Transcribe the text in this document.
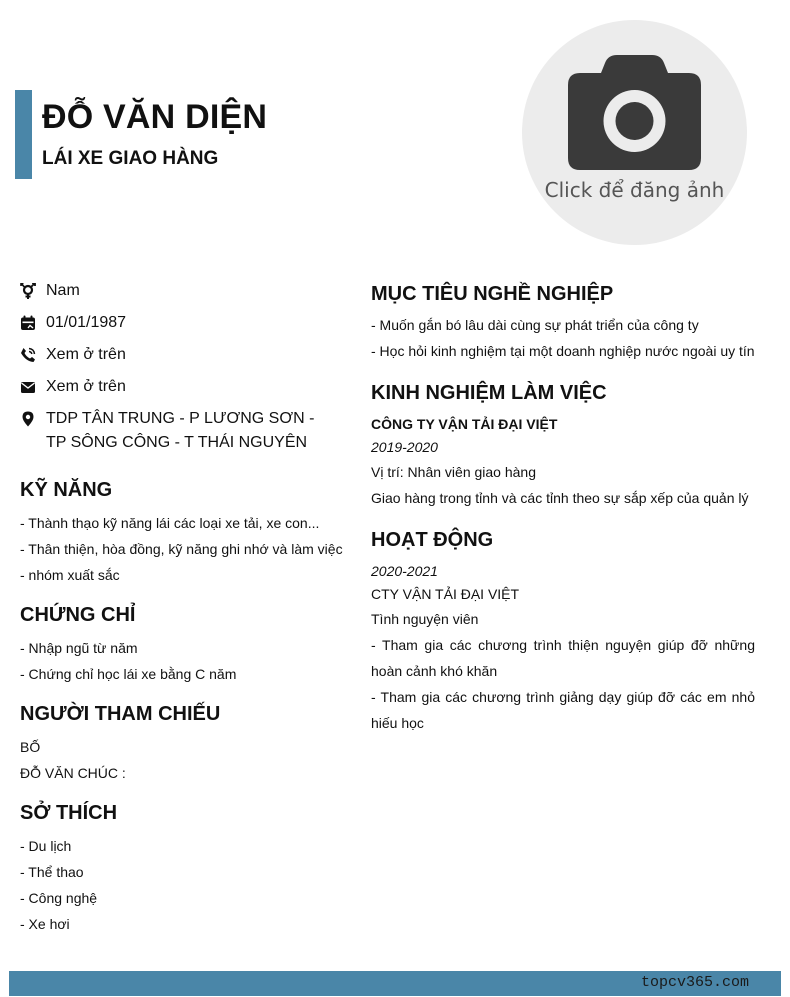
ĐỖ VĂN DIỆN
LÁI XE GIAO HÀNG
Click để đăng ảnh
Nam
01/01/1987
Xem ở trên
Xem ở trên
TDP TÂN TRUNG - P LƯƠNG SƠN - TP SÔNG CÔNG - T THÁI NGUYÊN
KỸ NĂNG
- Thành thạo kỹ năng lái các loại xe tải, xe con...
- Thân thiện, hòa đồng, kỹ năng ghi nhớ và làm việc
- nhóm xuất sắc
CHỨNG CHỈ
- Nhập ngũ từ năm
- Chứng chỉ học lái xe bằng C năm
NGƯỜI THAM CHIẾU
BỐ
ĐỖ VĂN CHÚC :
SỞ THÍCH
- Du lịch
- Thể thao
- Công nghệ
- Xe hơi
MỤC TIÊU NGHỀ NGHIỆP
- Muốn gắn bó lâu dài cùng sự phát triển của công ty
- Học hỏi kinh nghiệm tại một doanh nghiệp nước ngoài uy tín
KINH NGHIỆM LÀM VIỆC
CÔNG TY VẬN TẢI ĐẠI VIỆT
2019-2020
Vị trí: Nhân viên giao hàng
Giao hàng trong tỉnh và các tỉnh theo sự sắp xếp của quản lý
HOẠT ĐỘNG
2020-2021
CTY VẬN TẢI ĐẠI VIỆT
Tình nguyện viên
- Tham gia các chương trình thiện nguyện giúp đỡ những hoàn cảnh khó khăn
- Tham gia các chương trình giảng dạy giúp đỡ các em nhỏ hiếu học
topcv365.com
